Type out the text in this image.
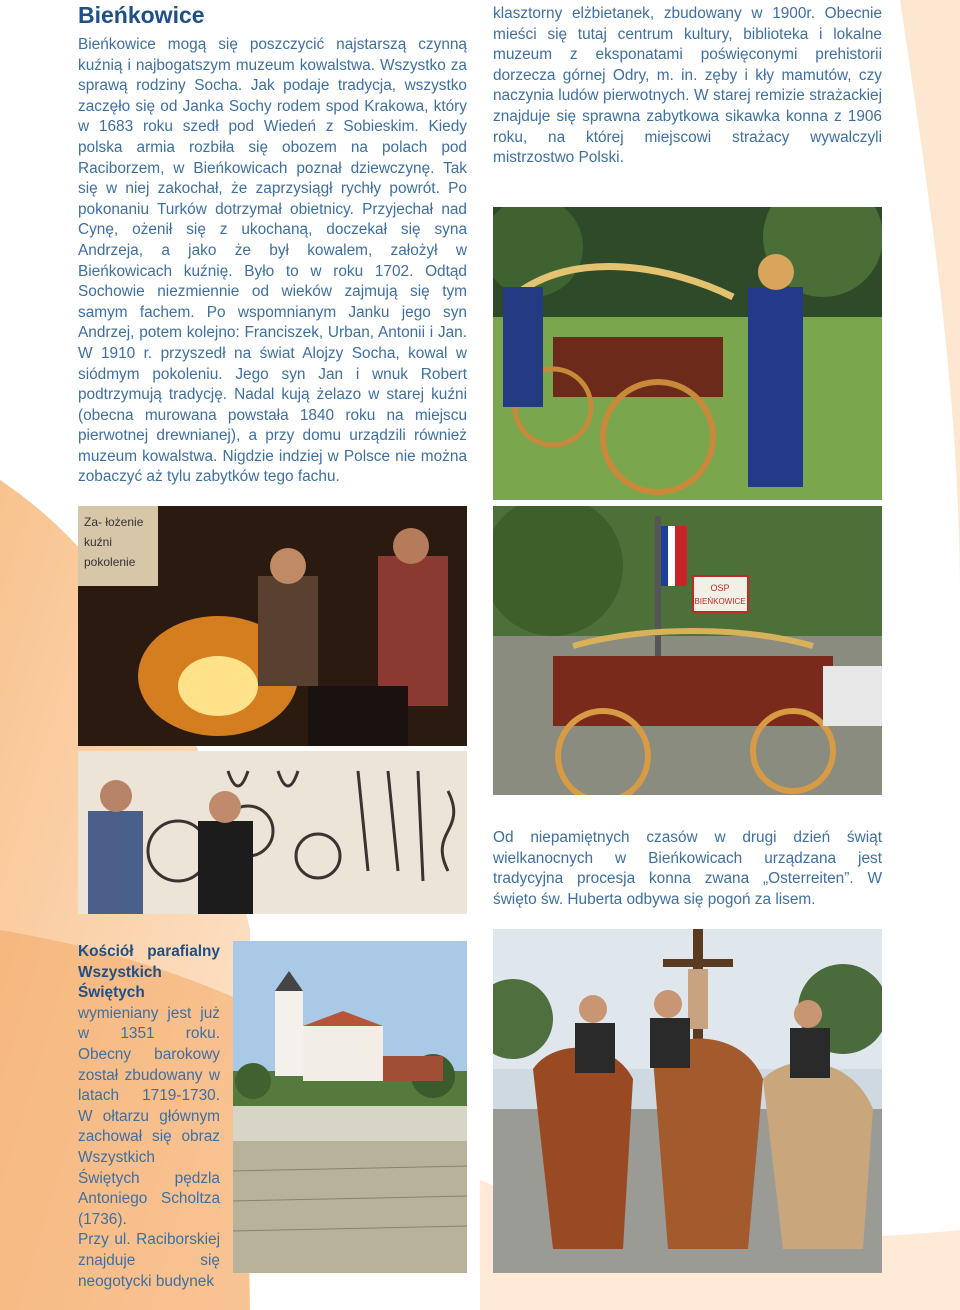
Bieńkowice

Bieńkowice mogą się poszczycić najstarszą czynną kuźnią i najbogatszym muzeum kowalstwa. Wszystko za sprawą rodziny Socha. Jak podaje tradycja, wszystko zaczęło się od Janka Sochy rodem spod Krakowa, który w 1683 roku szedł pod Wiedeń z Sobieskim. Kiedy polska armia rozbiła się obozem na polach pod Raciborzem, w Bieńkowicach poznał dziewczynę. Tak się w niej zakochał, że zaprzysiągł rychły powrót. Po pokonaniu Turków dotrzymał obietnicy. Przyjechał nad Cynę, ożenił się z ukochaną, doczekał się syna Andrzeja, a jako że był kowalem, założył w Bieńkowicach kuźnię. Było to w roku 1702. Odtąd Sochowie niezmiennie od wieków zajmują się tym samym fachem. Po wspomnianym Janku jego syn Andrzej, potem kolejno: Franciszek, Urban, Antonii i Jan. W 1910 r. przyszedł na świat Alojzy Socha, kowal w siódmym pokoleniu. Jego syn Jan i wnuk Robert podtrzymują tradycję. Nadal kują żelazo w starej kuźni (obecna murowana powstała 1840 roku na miejscu pierwotnej drewnianej), a przy domu urządzili również muzeum kowalstwa. Nigdzie indziej w Polsce nie można zobaczyć aż tylu zabytków tego fachu.

klasztorny elżbietanek, zbudowany w 1900r. Obecnie mieści się tutaj centrum kultury, biblioteka i lokalne muzeum z eksponatami poświęconymi prehistorii dorzecza górnej Odry, m. in. zęby i kły mamutów, czy naczynia ludów pierwotnych. W starej remizie strażackiej znajduje się sprawna zabytkowa sikawka konna z 1906 roku, na której miejscowi strażacy wywalczyli mistrzostwo Polski.

Za- łożenie
kuźni
pokolenie
OSP
BIEŃKOWICE

Od niepamiętnych czasów w drugi dzień świąt wielkanocnych w Bieńkowicach urządzana jest tradycyjna procesja konna zwana „Osterreiten”. W święto św. Huberta odbywa się pogoń za lisem.

Kościół parafialny Wszystkich Świętych wymieniany jest już w 1351 roku. Obecny barokowy został zbudowany w latach 1719-1730. W ołtarzu głównym zachował się obraz Wszystkich Świętych pędzla Antoniego Scholtza (1736).
Przy ul. Raciborskiej znajduje się neogotycki budynek
